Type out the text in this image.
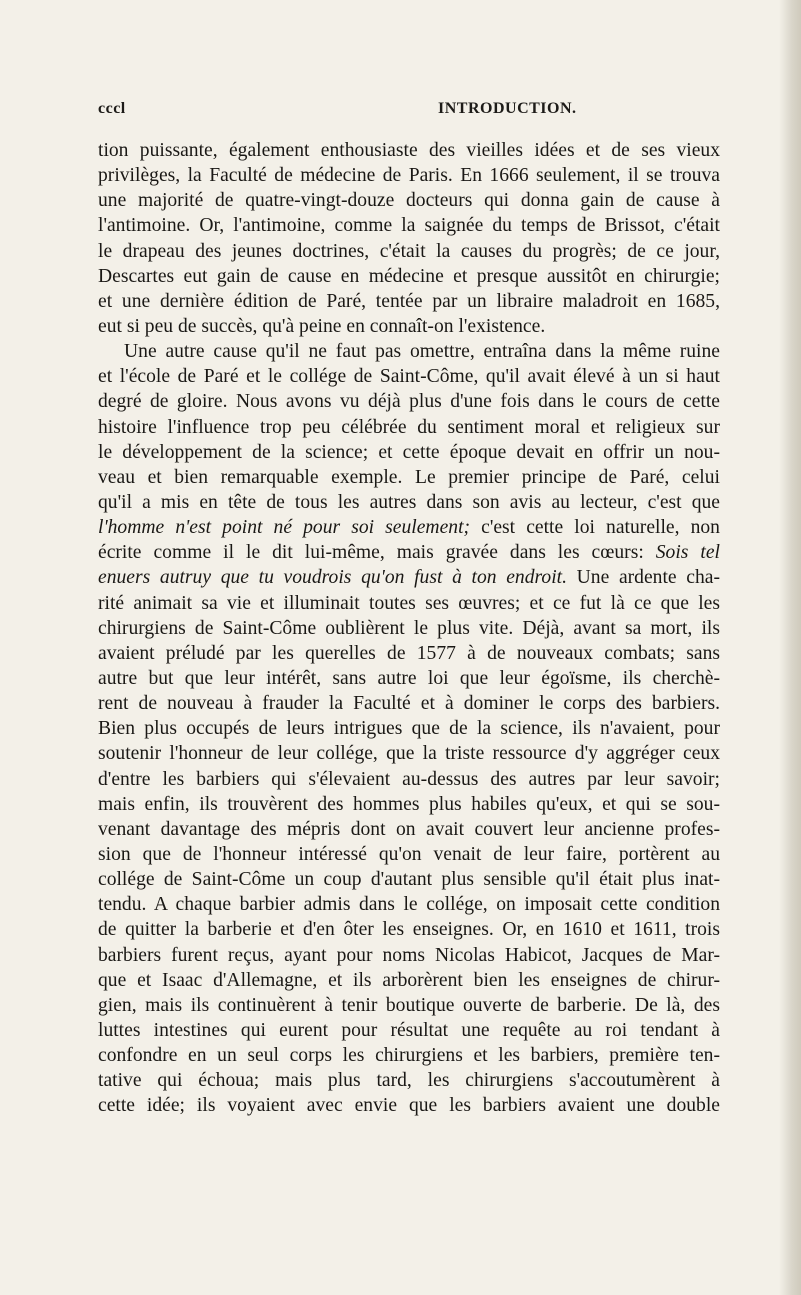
cccl	INTRODUCTION.
tion puissante, également enthousiaste des vieilles idées et de ses vieux
privilèges, la Faculté de médecine de Paris. En 1666 seulement, il se trouva
une majorité de quatre-vingt-douze docteurs qui donna gain de cause à
l'antimoine. Or, l'antimoine, comme la saignée du temps de Brissot, c'était
le drapeau des jeunes doctrines, c'était la causes du progrès; de ce jour,
Descartes eut gain de cause en médecine et presque aussitôt en chirurgie;
et une dernière édition de Paré, tentée par un libraire maladroit en 1685,
eut si peu de succès, qu'à peine en connaît-on l'existence.
Une autre cause qu'il ne faut pas omettre, entraîna dans la même ruine
et l'école de Paré et le collége de Saint-Côme, qu'il avait élevé à un si haut
degré de gloire. Nous avons vu déjà plus d'une fois dans le cours de cette
histoire l'influence trop peu célébrée du sentiment moral et religieux sur
le développement de la science; et cette époque devait en offrir un nou-
veau et bien remarquable exemple. Le premier principe de Paré, celui
qu'il a mis en tête de tous les autres dans son avis au lecteur, c'est que
l'homme n'est point né pour soi seulement; c'est cette loi naturelle, non
écrite comme il le dit lui-même, mais gravée dans les cœurs: Sois tel
enuers autruy que tu voudrois qu'on fust à ton endroit. Une ardente cha-
rité animait sa vie et illuminait toutes ses œuvres; et ce fut là ce que les
chirurgiens de Saint-Côme oublièrent le plus vite. Déjà, avant sa mort, ils
avaient préludé par les querelles de 1577 à de nouveaux combats; sans
autre but que leur intérêt, sans autre loi que leur égoïsme, ils cherchè-
rent de nouveau à frauder la Faculté et à dominer le corps des barbiers.
Bien plus occupés de leurs intrigues que de la science, ils n'avaient, pour
soutenir l'honneur de leur collége, que la triste ressource d'y aggréger ceux
d'entre les barbiers qui s'élevaient au-dessus des autres par leur savoir;
mais enfin, ils trouvèrent des hommes plus habiles qu'eux, et qui se sou-
venant davantage des mépris dont on avait couvert leur ancienne profes-
sion que de l'honneur intéressé qu'on venait de leur faire, portèrent au
collége de Saint-Côme un coup d'autant plus sensible qu'il était plus inat-
tendu. A chaque barbier admis dans le collége, on imposait cette condition
de quitter la barberie et d'en ôter les enseignes. Or, en 1610 et 1611, trois
barbiers furent reçus, ayant pour noms Nicolas Habicot, Jacques de Mar-
que et Isaac d'Allemagne, et ils arborèrent bien les enseignes de chirur-
gien, mais ils continuèrent à tenir boutique ouverte de barberie. De là, des
luttes intestines qui eurent pour résultat une requête au roi tendant à
confondre en un seul corps les chirurgiens et les barbiers, première ten-
tative qui échoua; mais plus tard, les chirurgiens s'accoutumèrent à
cette idée; ils voyaient avec envie que les barbiers avaient une double
